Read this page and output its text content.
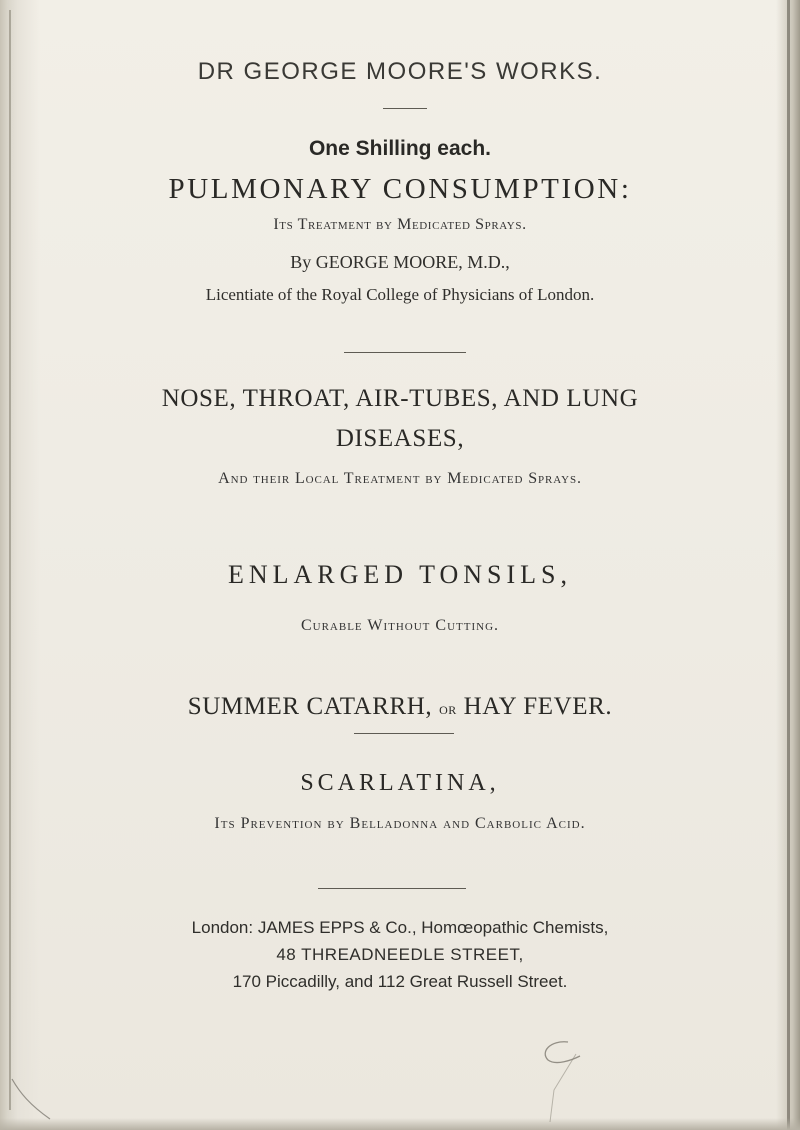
DR GEORGE MOORE'S WORKS.
One Shilling each.
PULMONARY CONSUMPTION:
Its Treatment by Medicated Sprays.
By GEORGE MOORE, M.D.,
Licentiate of the Royal College of Physicians of London.
NOSE, THROAT, AIR-TUBES, AND LUNG
DISEASES,
And their Local Treatment by Medicated Sprays.
ENLARGED TONSILS,
Curable Without Cutting.
SUMMER CATARRH, or HAY FEVER.
SCARLATINA,
Its Prevention by Belladonna and Carbolic Acid.
London: JAMES EPPS & Co., Homœopathic Chemists,
48 THREADNEEDLE STREET,
170 Piccadilly, and 112 Great Russell Street.
